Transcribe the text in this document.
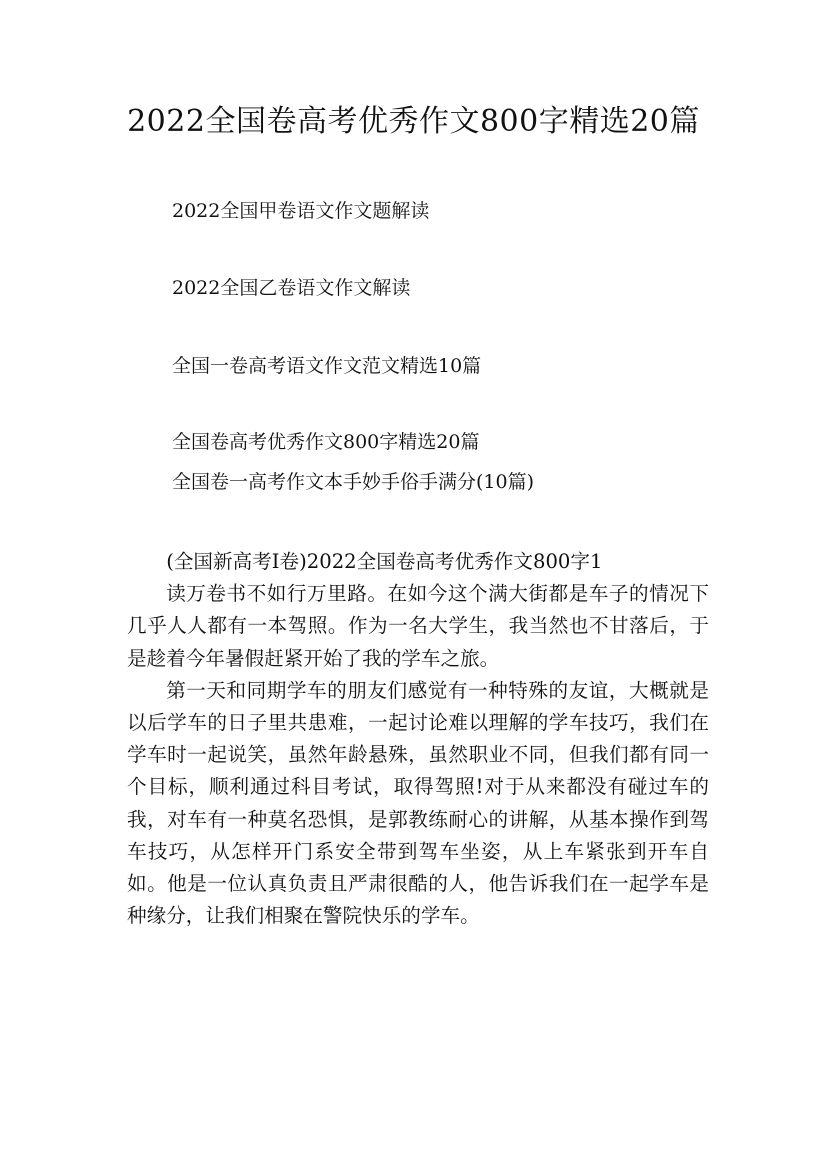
2022全国卷高考优秀作文800字精选20篇
2022全国甲卷语文作文题解读
2022全国乙卷语文作文解读
全国一卷高考语文作文范文精选10篇
全国卷高考优秀作文800字精选20篇
全国卷一高考作文本手妙手俗手满分(10篇)

(全国新高考Ⅰ卷)2022全国卷高考优秀作文800字1

读万卷书不如行万里路。在如今这个满大街都是车子的情况下几乎人人都有一本驾照。作为一名大学生，我当然也不甘落后，于是趁着今年暑假赶紧开始了我的学车之旅。

第一天和同期学车的朋友们感觉有一种特殊的友谊，大概就是以后学车的日子里共患难，一起讨论难以理解的学车技巧，我们在学车时一起说笑，虽然年龄悬殊，虽然职业不同，但我们都有同一个目标，顺利通过科目考试，取得驾照!对于从来都没有碰过车的我，对车有一种莫名恐惧，是郭教练耐心的讲解，从基本操作到驾车技巧，从怎样开门系安全带到驾车坐姿，从上车紧张到开车自如。他是一位认真负责且严肃很酷的人，他告诉我们在一起学车是种缘分，让我们相聚在警院快乐的学车。
